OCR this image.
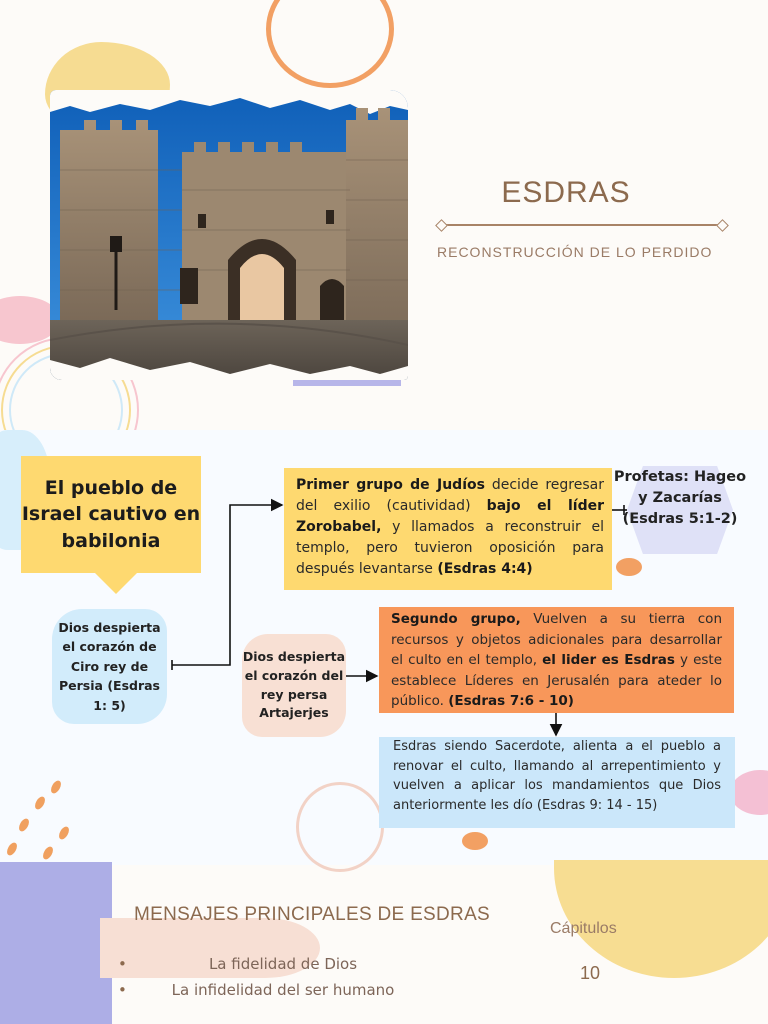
ESDRAS
RECONSTRUCCIÓN DE LO PERDIDO
El pueblo de Israel cautivo en babilonia
Dios despierta el corazón de Ciro rey de Persia (Esdras 1: 5)
Primer grupo de Judíos decide regresar del exilio (cautividad) bajo el líder Zorobabel, y llamados a reconstruir el templo, pero tuvieron oposición para después levantarse (Esdras 4:4)
Profetas: Hageo y Zacarías (Esdras 5:1-2)
Dios despierta el corazón del rey persa Artajerjes
Segundo grupo, Vuelven a su tierra con recursos y objetos adicionales para desarrollar el culto en el templo, el lider es Esdras y este establece Líderes en Jerusalén para ateder lo público. (Esdras 7:6 - 10)
Esdras siendo Sacerdote, alienta a el pueblo a renovar el culto, llamando al arrepentimiento y vuelven a aplicar los mandamientos que Dios anteriormente les dío (Esdras 9: 14 - 15)
MENSAJES PRINCIPALES DE ESDRAS
• La fidelidad de Dios
• La infidelidad del ser humano
Cápitulos
10
